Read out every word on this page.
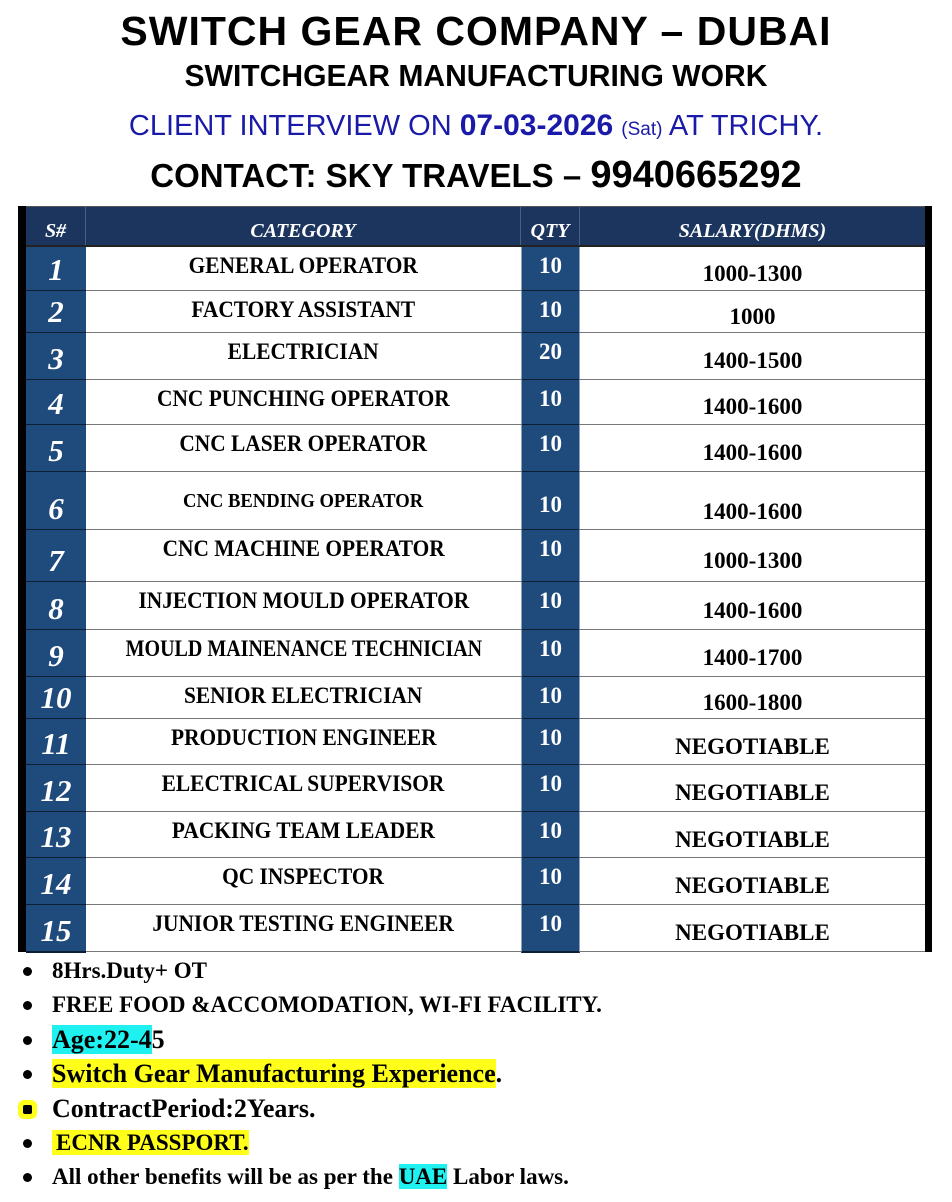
SWITCH GEAR COMPANY – DUBAI
SWITCHGEAR MANUFACTURING WORK
CLIENT INTERVIEW ON 07-03-2026 (Sat) AT TRICHY.
CONTACT: SKY TRAVELS – 9940665292
S#	CATEGORY	QTY	SALARY(DHMS)
1	GENERAL OPERATOR	10	1000-1300
2	FACTORY ASSISTANT	10	1000
3	ELECTRICIAN	20	1400-1500
4	CNC PUNCHING OPERATOR	10	1400-1600
5	CNC LASER OPERATOR	10	1400-1600
6	CNC BENDING OPERATOR	10	1400-1600
7	CNC MACHINE OPERATOR	10	1000-1300
8	INJECTION MOULD OPERATOR	10	1400-1600
9	MOULD MAINENANCE TECHNICIAN	10	1400-1700
10	SENIOR ELECTRICIAN	10	1600-1800
11	PRODUCTION ENGINEER	10	NEGOTIABLE
12	ELECTRICAL SUPERVISOR	10	NEGOTIABLE
13	PACKING TEAM LEADER	10	NEGOTIABLE
14	QC INSPECTOR	10	NEGOTIABLE
15	JUNIOR TESTING ENGINEER	10	NEGOTIABLE
8Hrs.Duty+ OT
FREE FOOD &ACCOMODATION, WI-FI FACILITY.
Age:22-45
Switch Gear Manufacturing Experience.
ContractPeriod:2Years.
ECNR PASSPORT.
All other benefits will be as per the UAE Labor laws.
